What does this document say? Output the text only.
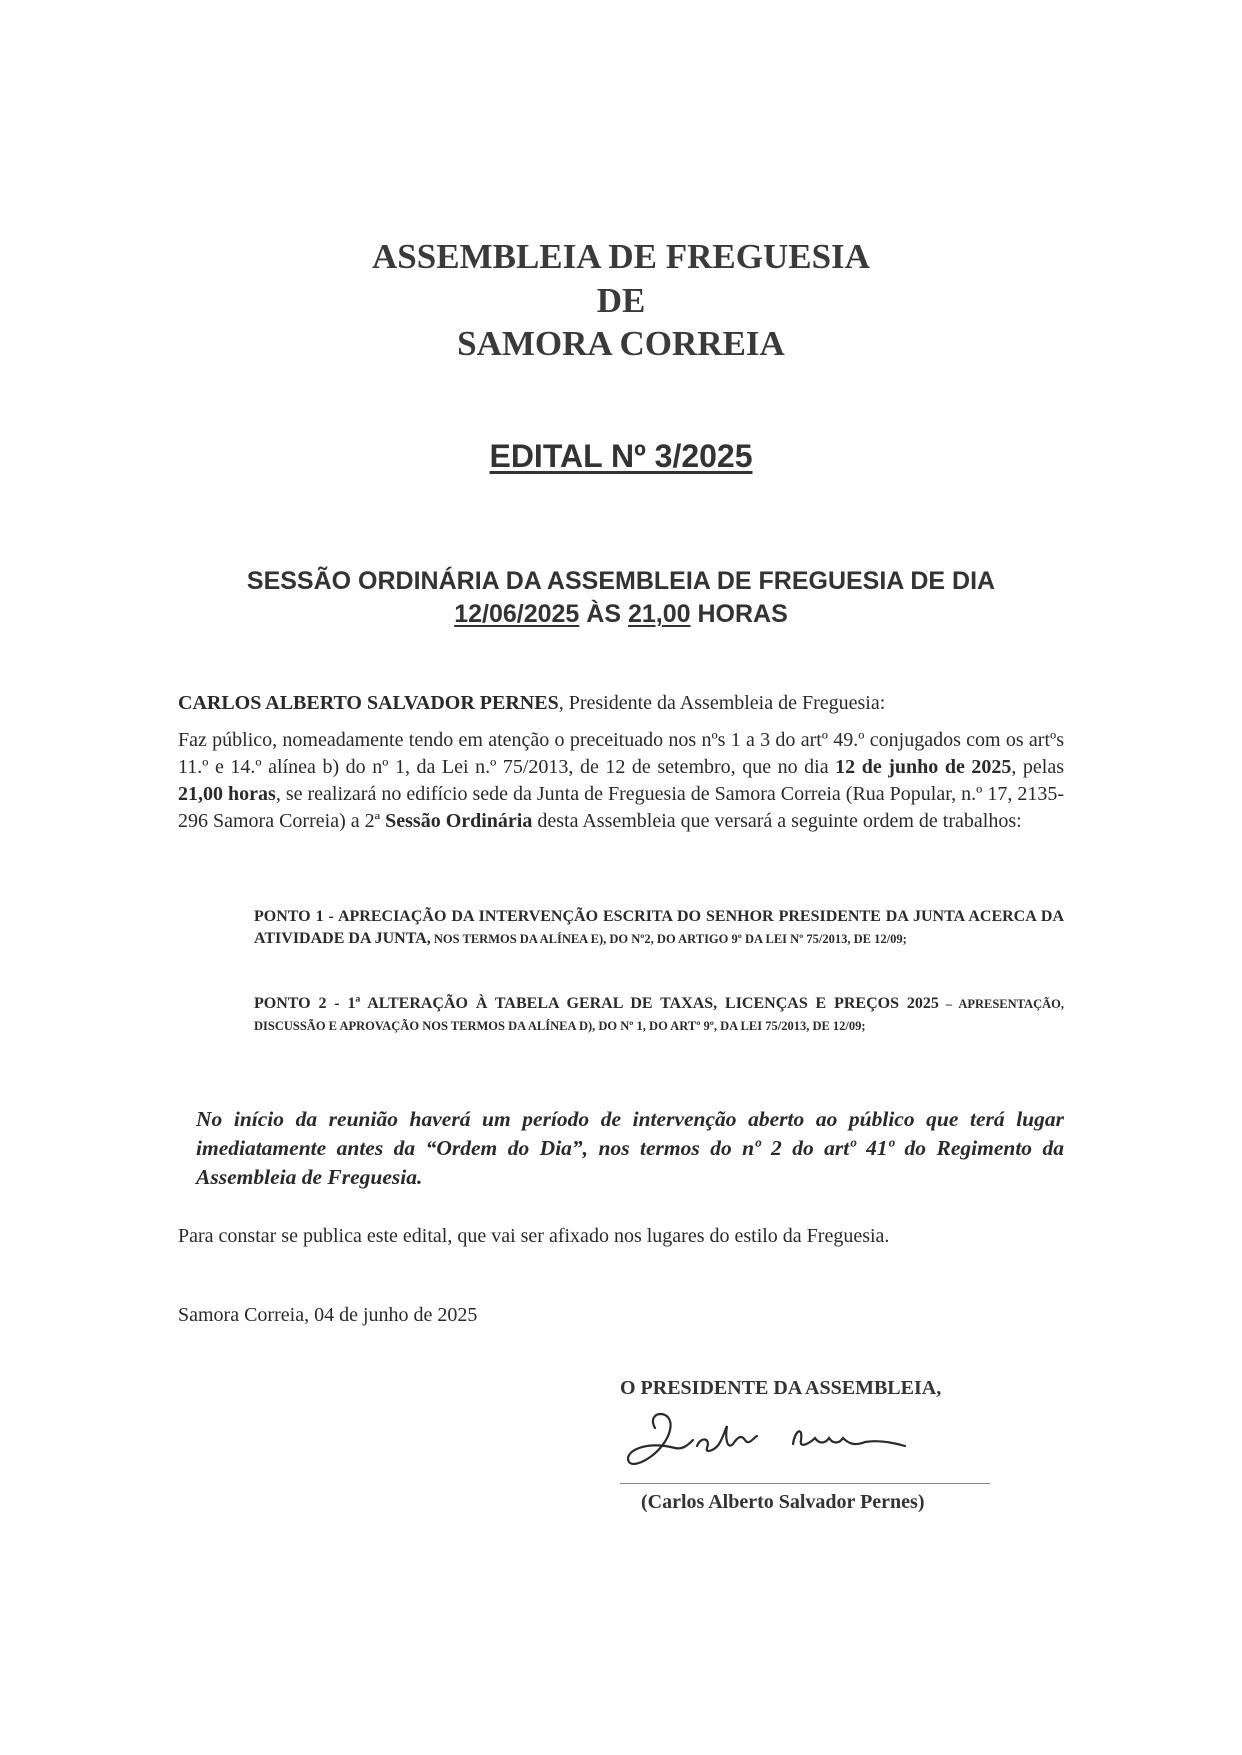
ASSEMBLEIA DE FREGUESIA
DE
SAMORA CORREIA
EDITAL Nº 3/2025
SESSÃO ORDINÁRIA DA ASSEMBLEIA DE FREGUESIA DE DIA
12/06/2025 ÀS 21,00 HORAS
CARLOS ALBERTO SALVADOR PERNES, Presidente da Assembleia de Freguesia:
Faz público, nomeadamente tendo em atenção o preceituado nos nºs 1 a 3 do artº 49.º conjugados com os artºs 11.º e 14.º alínea b) do nº 1, da Lei n.º 75/2013, de 12 de setembro, que no dia 12 de junho de 2025, pelas 21,00 horas, se realizará no edifício sede da Junta de Freguesia de Samora Correia (Rua Popular, n.º 17, 2135-296 Samora Correia) a 2ª Sessão Ordinária desta Assembleia que versará a seguinte ordem de trabalhos:
PONTO 1 - APRECIAÇÃO DA INTERVENÇÃO ESCRITA DO SENHOR PRESIDENTE DA JUNTA ACERCA DA ATIVIDADE DA JUNTA, NOS TERMOS DA ALÍNEA E), DO Nº2, DO ARTIGO 9º DA LEI Nº 75/2013, DE 12/09;
PONTO 2 - 1ª ALTERAÇÃO À TABELA GERAL DE TAXAS, LICENÇAS E PREÇOS 2025 – APRESENTAÇÃO, DISCUSSÃO E APROVAÇÃO NOS TERMOS DA ALÍNEA D), DO Nº 1, DO ARTº 9º, DA LEI 75/2013, DE 12/09;
No início da reunião haverá um período de intervenção aberto ao público que terá lugar imediatamente antes da “Ordem do Dia”, nos termos do nº 2 do artº 41º do Regimento da Assembleia de Freguesia.
Para constar se publica este edital, que vai ser afixado nos lugares do estilo da Freguesia.
Samora Correia, 04 de junho de 2025
O PRESIDENTE DA ASSEMBLEIA,
(Carlos Alberto Salvador Pernes)
